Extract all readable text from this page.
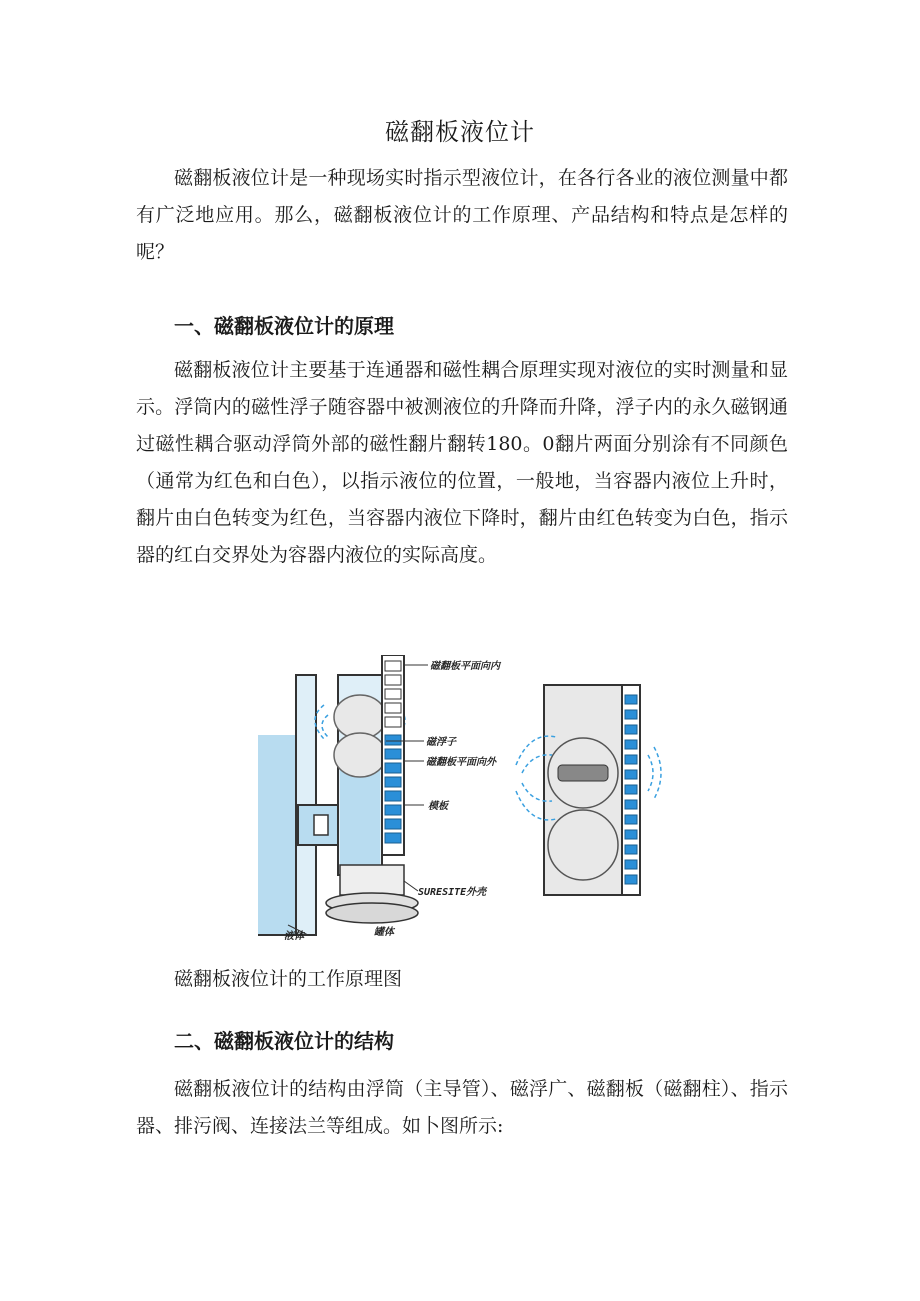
磁翻板液位计

磁翻板液位计是一种现场实时指示型液位计，在各行各业的液位测量中都有广泛地应用。那么，磁翻板液位计的工作原理、产品结构和特点是怎样的呢？

一、磁翻板液位计的原理

磁翻板液位计主要基于连通器和磁性耦合原理实现对液位的实时测量和显示。浮筒内的磁性浮子随容器中被测液位的升降而升降，浮子内的永久磁钢通过磁性耦合驱动浮筒外部的磁性翻片翻转180。0翻片两面分别涂有不同颜色（通常为红色和白色），以指示液位的位置，一般地，当容器内液位上升时，翻片由白色转变为红色，当容器内液位下降时，翻片由红色转变为白色，指示器的红白交界处为容器内液位的实际高度。

磁翻板平面向内
磁浮子
磁翻板平面向外
模板
SURESITE外壳
液体	罐体
磁翻板液位计的工作原理图
二、磁翻板液位计的结构

磁翻板液位计的结构由浮筒（主导管）、磁浮广、磁翻板（磁翻柱）、指示器、排污阀、连接法兰等组成。如卜图所示:
